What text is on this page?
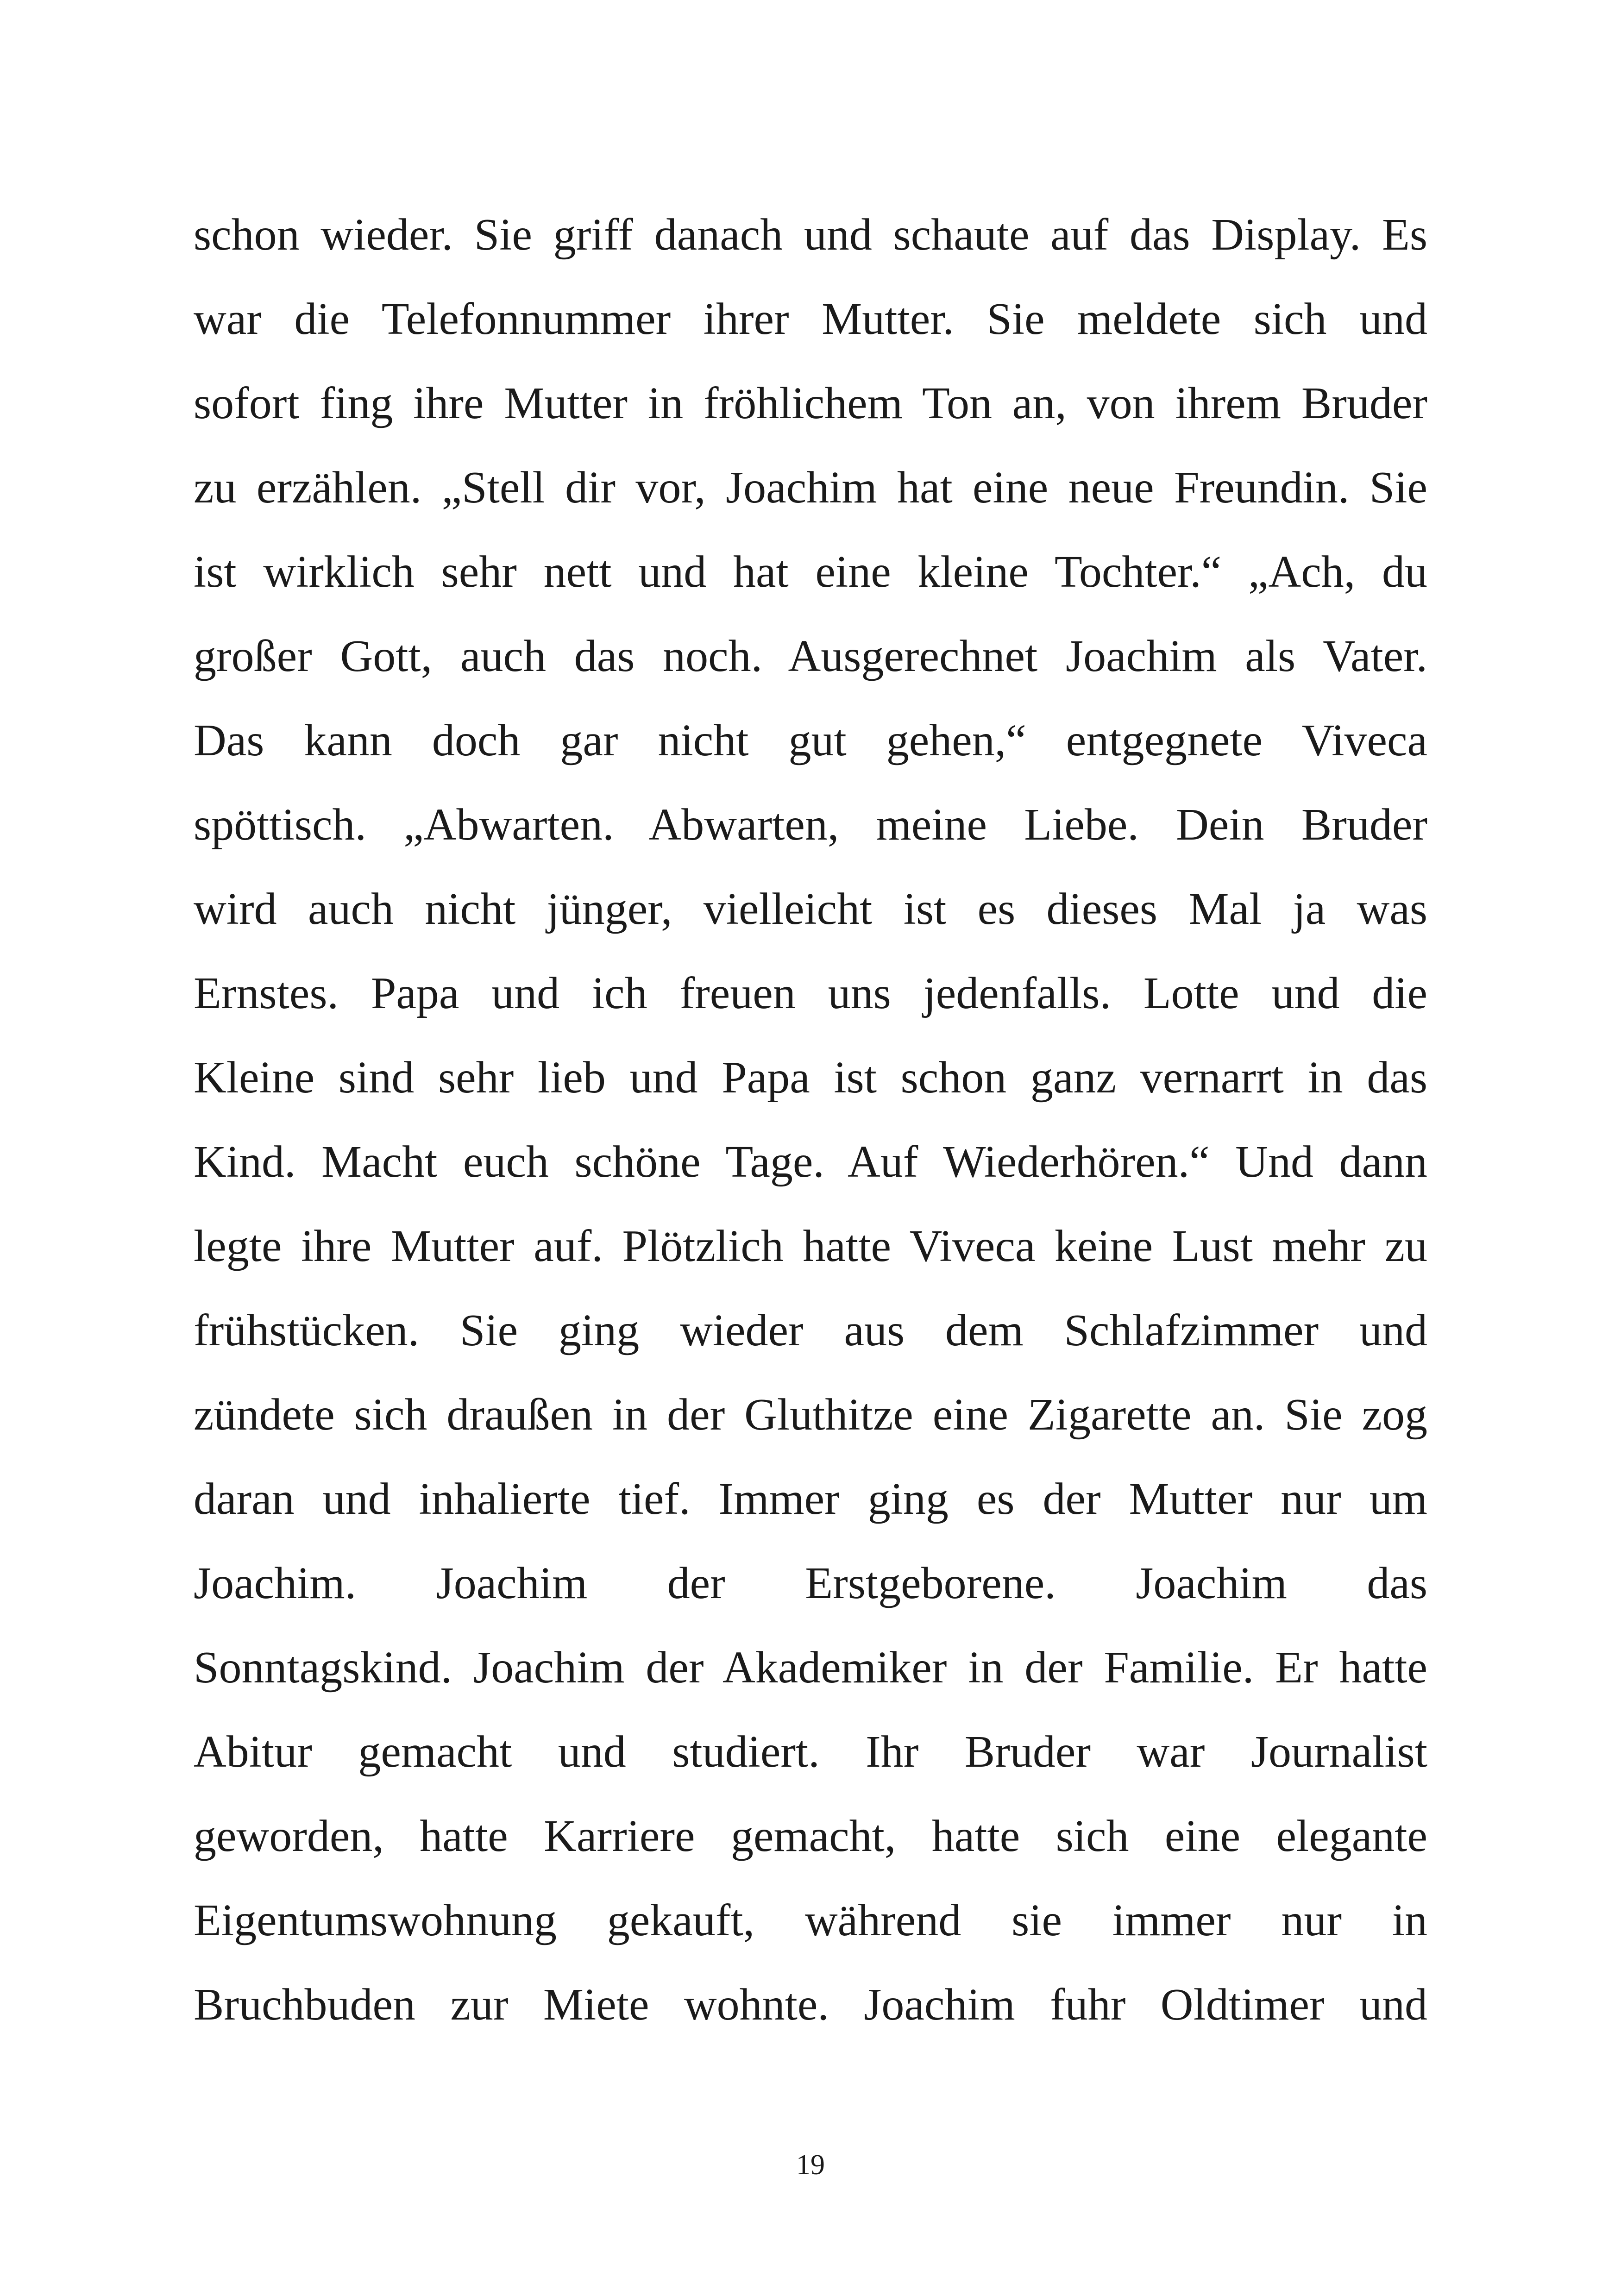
schon wieder. Sie griff danach und schaute auf das Display. Es
war die Telefonnummer ihrer Mutter. Sie meldete sich und
sofort fing ihre Mutter in fröhlichem Ton an, von ihrem Bruder
zu erzählen. „Stell dir vor, Joachim hat eine neue Freundin. Sie
ist wirklich sehr nett und hat eine kleine Tochter.“ „Ach, du
großer Gott, auch das noch. Ausgerechnet Joachim als Vater.
Das kann doch gar nicht gut gehen,“ entgegnete Viveca
spöttisch. „Abwarten. Abwarten, meine Liebe. Dein Bruder
wird auch nicht jünger, vielleicht ist es dieses Mal ja was
Ernstes. Papa und ich freuen uns jedenfalls. Lotte und die
Kleine sind sehr lieb und Papa ist schon ganz vernarrt in das
Kind. Macht euch schöne Tage. Auf Wiederhören.“ Und dann
legte ihre Mutter auf. Plötzlich hatte Viveca keine Lust mehr zu
frühstücken. Sie ging wieder aus dem Schlafzimmer und
zündete sich draußen in der Gluthitze eine Zigarette an. Sie zog
daran und inhalierte tief. Immer ging es der Mutter nur um
Joachim. Joachim der Erstgeborene. Joachim das
Sonntagskind. Joachim der Akademiker in der Familie. Er hatte
Abitur gemacht und studiert. Ihr Bruder war Journalist
geworden, hatte Karriere gemacht, hatte sich eine elegante
Eigentumswohnung gekauft, während sie immer nur in
Bruchbuden zur Miete wohnte. Joachim fuhr Oldtimer und
19
